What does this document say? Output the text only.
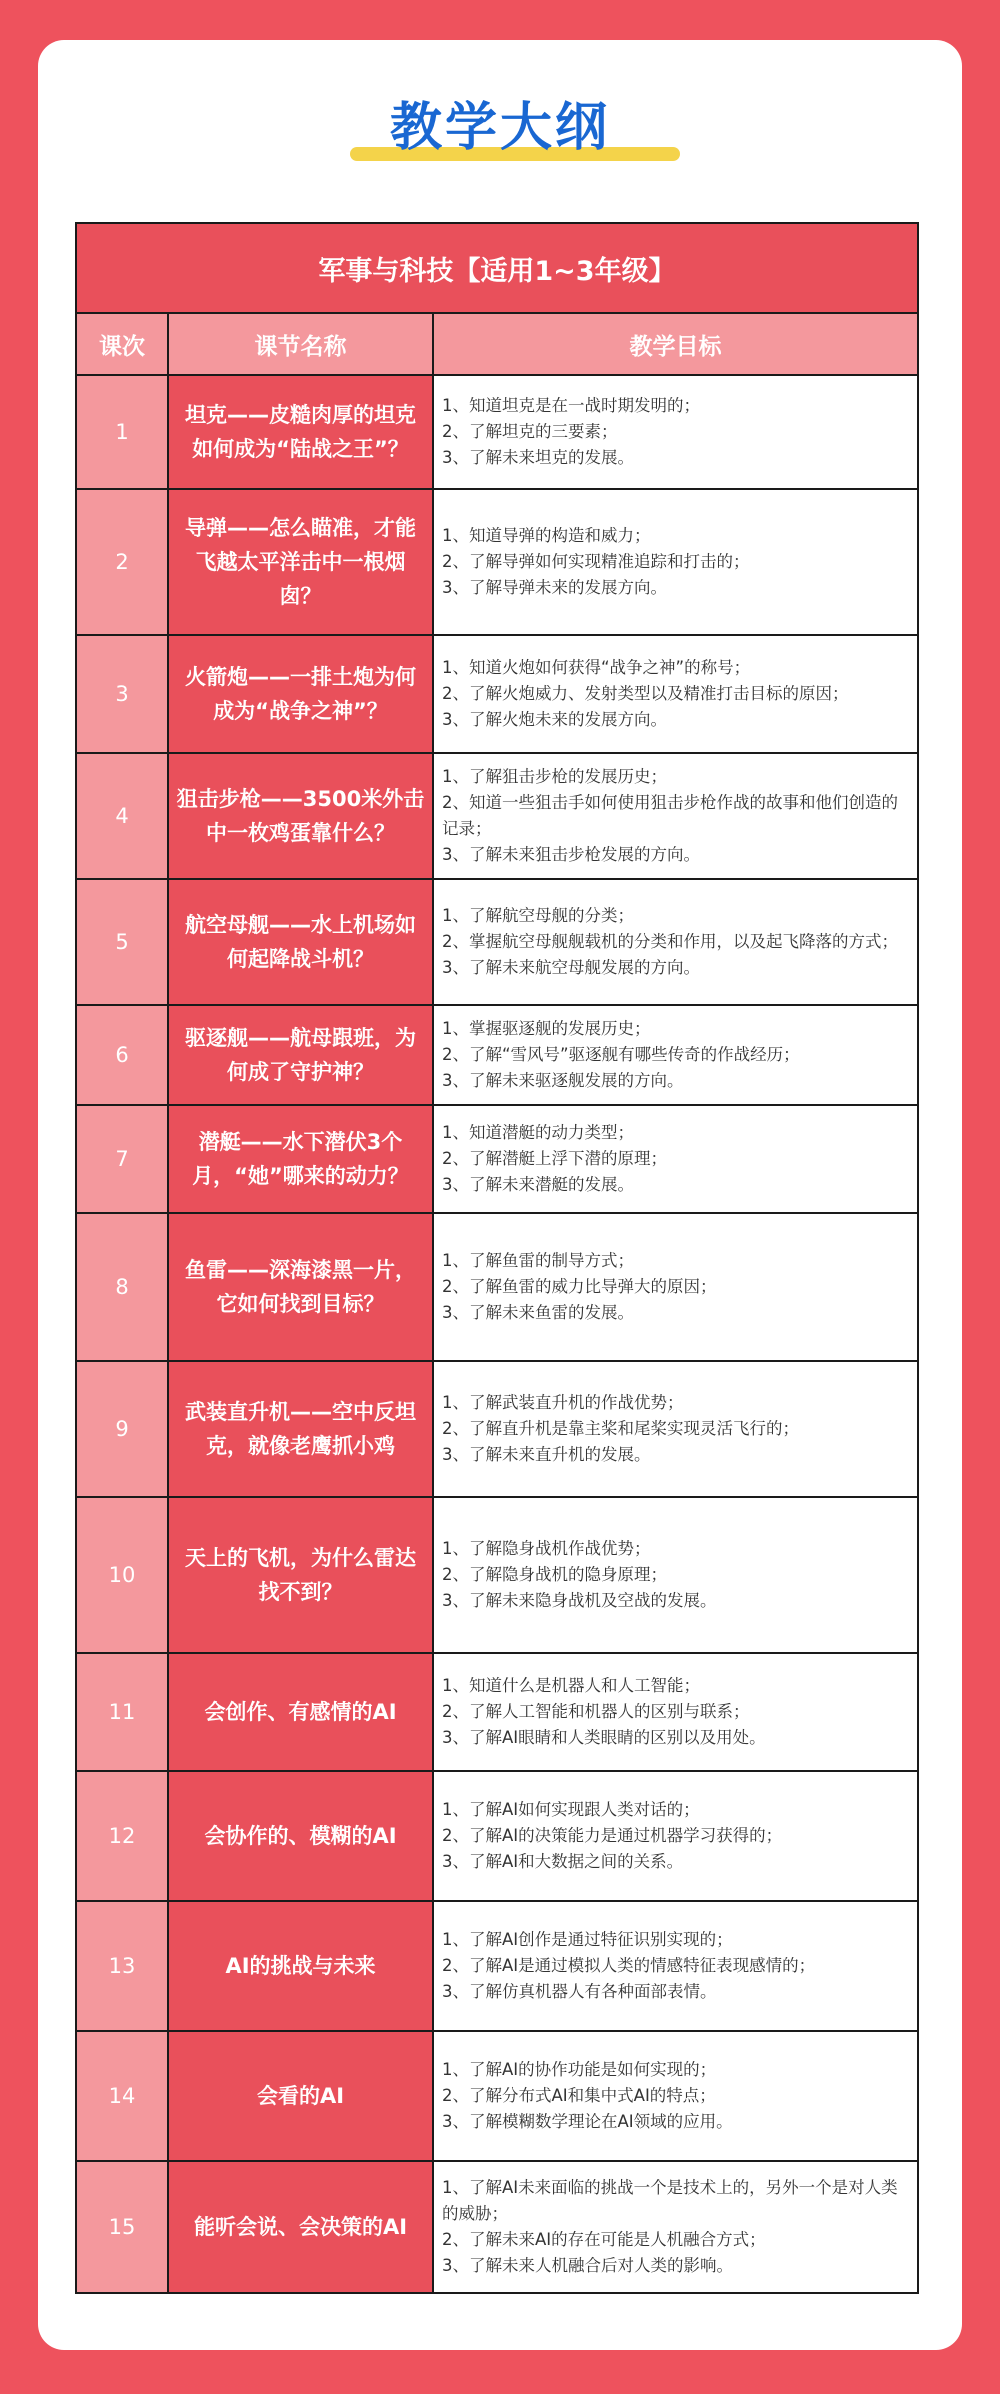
教学大纲
军事与科技【适用1~3年级】		
课次	课节名称	教学目标
1	坦克——皮糙肉厚的坦克如何成为“陆战之王”？	1、知道坦克是在一战时期发明的；
2、了解坦克的三要素；
3、了解未来坦克的发展。

2	导弹——怎么瞄准，才能飞越太平洋击中一根烟囱？	1、知道导弹的构造和威力；
2、了解导弹如何实现精准追踪和打击的；
3、了解导弹未来的发展方向。

3	火箭炮——一排土炮为何成为“战争之神”？	1、知道火炮如何获得“战争之神”的称号；
2、了解火炮威力、发射类型以及精准打击目标的原因；
3、了解火炮未来的发展方向。

4	狙击步枪——3500米外击中一枚鸡蛋靠什么？	1、了解狙击步枪的发展历史；
2、知道一些狙击手如何使用狙击步枪作战的故事和他们创造的记录；
3、了解未来狙击步枪发展的方向。

5	航空母舰——水上机场如何起降战斗机？	1、了解航空母舰的分类；
2、掌握航空母舰舰载机的分类和作用，以及起飞降落的方式；
3、了解未来航空母舰发展的方向。

6	驱逐舰——航母跟班，为何成了守护神？	1、掌握驱逐舰的发展历史；
2、了解“雪风号”驱逐舰有哪些传奇的作战经历；
3、了解未来驱逐舰发展的方向。

7	潜艇——水下潜伏3个月，“她”哪来的动力？	1、知道潜艇的动力类型；
2、了解潜艇上浮下潜的原理；
3、了解未来潜艇的发展。

8	鱼雷——深海漆黑一片，它如何找到目标？	1、了解鱼雷的制导方式；
2、了解鱼雷的威力比导弹大的原因；
3、了解未来鱼雷的发展。

9	武装直升机——空中反坦克，就像老鹰抓小鸡	1、了解武装直升机的作战优势；
2、了解直升机是靠主桨和尾桨实现灵活飞行的；
3、了解未来直升机的发展。

10	天上的飞机，为什么雷达找不到？	1、了解隐身战机作战优势；
2、了解隐身战机的隐身原理；
3、了解未来隐身战机及空战的发展。

11	会创作、有感情的AI	1、知道什么是机器人和人工智能；
2、了解人工智能和机器人的区别与联系；
3、了解AI眼睛和人类眼睛的区别以及用处。

12	会协作的、模糊的AI	1、了解AI如何实现跟人类对话的；
2、了解AI的决策能力是通过机器学习获得的；
3、了解AI和大数据之间的关系。

13	AI的挑战与未来	1、了解AI创作是通过特征识别实现的；
2、了解AI是通过模拟人类的情感特征表现感情的；
3、了解仿真机器人有各种面部表情。

14	会看的AI	1、了解AI的协作功能是如何实现的；
2、了解分布式AI和集中式AI的特点；
3、了解模糊数学理论在AI领域的应用。

15	能听会说、会决策的AI	1、了解AI未来面临的挑战一个是技术上的，另外一个是对人类的威胁；
2、了解未来AI的存在可能是人机融合方式；
3、了解未来人机融合后对人类的影响。
